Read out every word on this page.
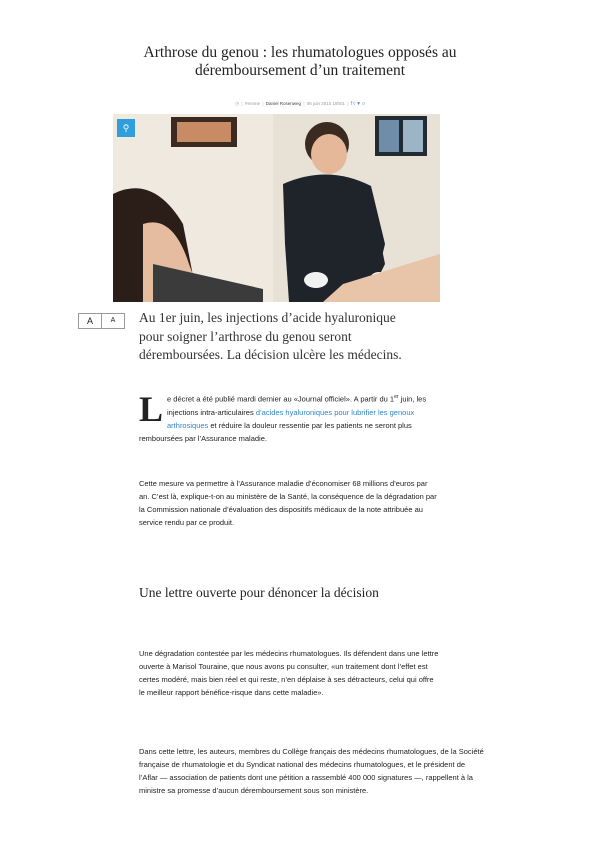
Arthrose du genou : les rhumatologues opposés au déremboursement d’un traitement
◷ | Femme | Daniel Rosenweg | 06 juin 2015 18h01 | f t ▼ 0
⚲
A	A	Au 1er juin, les injections d’acide hyaluronique pour soigner l’arthrose du genou seront déremboursées. La décision ulcère les médecins.
Le décret a été publié mardi dernier au «Journal officiel». A partir du 1er juin, les injections intra-articulaires d’acides hyaluroniques pour lubrifier les genoux arthrosiques et réduire la douleur ressentie par les patients ne seront plus remboursées par l’Assurance maladie.
Cette mesure va permettre à l’Assurance maladie d’économiser 68 millions d’euros par an. C’est là, explique-t-on au ministère de la Santé, la conséquence de la dégradation par la Commission nationale d’évaluation des dispositifs médicaux de la note attribuée au service rendu par ce produit.
Une lettre ouverte pour dénoncer la décision
Une dégradation contestée par les médecins rhumatologues. Ils défendent dans une lettre ouverte à Marisol Touraine, que nous avons pu consulter, «un traitement dont l’effet est certes modéré, mais bien réel et qui reste, n’en déplaise à ses détracteurs, celui qui offre le meilleur rapport bénéfice-risque dans cette maladie».
Dans cette lettre, les auteurs, membres du Collège français des médecins rhumatologues, de la Société française de rhumatologie et du Syndicat national des médecins rhumatologues, et le président de l’Aflar — association de patients dont une pétition a rassemblé 400 000 signatures —, rappellent à la ministre sa promesse d’aucun déremboursement sous son ministère.
